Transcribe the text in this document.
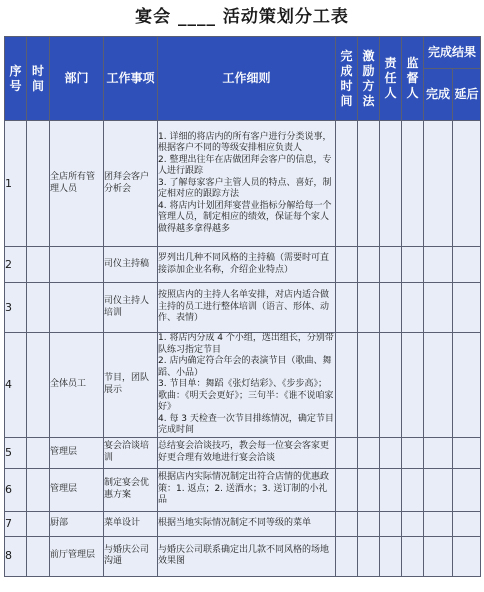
宴会 ____ 活动策划分工表
序号	时间	部门	工作事项	工作细则	完成时间	激励方法	责任人	监督人	完成结果	
									完成	延后
1		全店所有管理人员	团拜会客户分析会	1. 详细的将店内的所有客户进行分类说事，根据客户不同的等级安排相应负责人
2. 整理出往年在店做团拜会客户的信息，专人进行跟踪
3. 了解每家客户主管人员的特点、喜好，制定相对应的跟踪方法
4. 将店内计划团拜宴营业指标分解给每一个管理人员，制定相应的绩效，保证每个家人做得越多拿得越多						

2			司仪主持稿	罗列出几种不同风格的主持稿（需要时可直接添加企业名称，介绍企业特点）						

3			司仪主持人培训	按照店内的主持人名单安排，对店内适合做主持的员工进行整体培训（语言、形体、动作、表情）						

4		全体员工	节目，团队展示	1. 将店内分成 4 个小组，选出组长，分别带队练习指定节目
2. 店内确定符合年会的表演节目（歌曲、舞蹈、小品）
3. 节目单：舞蹈《张灯结彩》、《步步高》；歌曲：《明天会更好》；三句半：《谁不说咱家好》
4. 每 3 天检查一次节目排练情况，确定节目完成时间						

5		管理层	宴会洽谈培训	总结宴会洽谈技巧，教会每一位宴会客家更好更合理有效地进行宴会洽谈						

6		管理层	制定宴会优惠方案	根据店内实际情况制定出符合店情的优惠政策：1. 返点；2. 送酒水；3. 送订制的小礼品						

7		厨部	菜单设计	根据当地实际情况制定不同等级的菜单						

8		前厅管理层	与婚庆公司沟通	与婚庆公司联系确定出几款不同风格的场地效果图						
